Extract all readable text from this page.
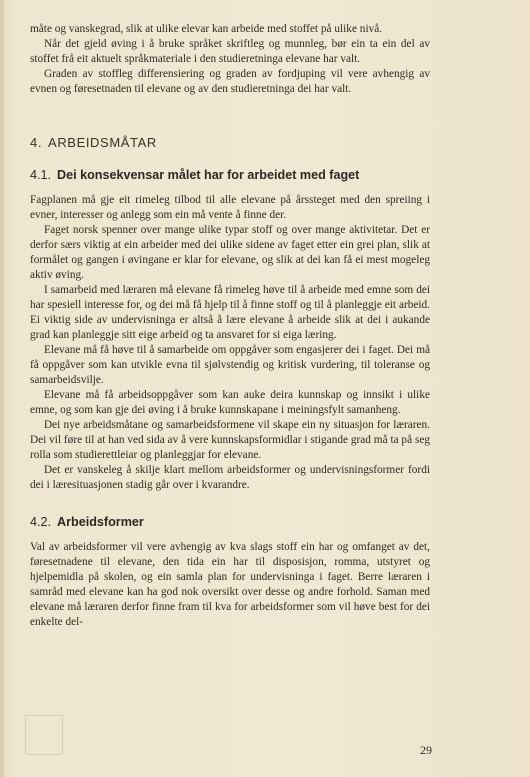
måte og vanskegrad, slik at ulike elevar kan arbeide med stoffet på ulike nivå.

Når det gjeld øving i å bruke språket skriftleg og munnleg, bør ein ta ein del av stoffet frå eit aktuelt språkmateriale i den studieretninga elevane har valt.

Graden av stoffleg differensiering og graden av fordjuping vil vere avhengig av evnen og føresetnaden til elevane og av den studieretninga dei har valt.

4. ARBEIDSMÅTAR
4.1. Dei konsekvensar målet har for arbeidet med faget

Fagplanen må gje eit rimeleg tilbod til alle elevane på årssteget med den spreiing i evner, interesser og anlegg som ein må vente å finne der.

Faget norsk spenner over mange ulike typar stoff og over mange aktivitetar. Det er derfor særs viktig at ein arbeider med dei ulike sidene av faget etter ein grei plan, slik at formålet og gangen i øvingane er klar for elevane, og slik at dei kan få ei mest mogeleg aktiv øving.

I samarbeid med læraren må elevane få rimeleg høve til å arbeide med emne som dei har spesiell interesse for, og dei må få hjelp til å finne stoff og til å planleggje eit arbeid. Ei viktig side av undervisninga er altså å lære elevane å arbeide slik at dei i aukande grad kan planleggje sitt eige arbeid og ta ansvaret for si eiga læring.

Elevane må få høve til å samarbeide om oppgåver som engasjerer dei i faget. Dei må få oppgåver som kan utvikle evna til sjølvstendig og kritisk vurdering, til toleranse og samarbeidsvilje.

Elevane må få arbeidsoppgåver som kan auke deira kunnskap og innsikt i ulike emne, og som kan gje dei øving i å bruke kunnskapane i meiningsfylt samanheng.

Dei nye arbeidsmåtane og samarbeidsformene vil skape ein ny situasjon for læraren. Dei vil føre til at han ved sida av å vere kunnskapsformidlar i stigande grad må ta på seg rolla som studierettleiar og planleggjar for elevane.

Det er vanskeleg å skilje klart mellom arbeidsformer og undervisningsformer fordi dei i læresituasjonen stadig går over i kvarandre.

4.2. Arbeidsformer

Val av arbeidsformer vil vere avhengig av kva slags stoff ein har og omfanget av det, føresetnadene til elevane, den tida ein har til disposisjon, romma, utstyret og hjelpemidla på skolen, og ein samla plan for undervisninga i faget. Berre læraren i samråd med elevane kan ha god nok oversikt over desse og andre forhold. Saman med elevane må læraren derfor finne fram til kva for arbeidsformer som vil høve best for dei enkelte del-

29
